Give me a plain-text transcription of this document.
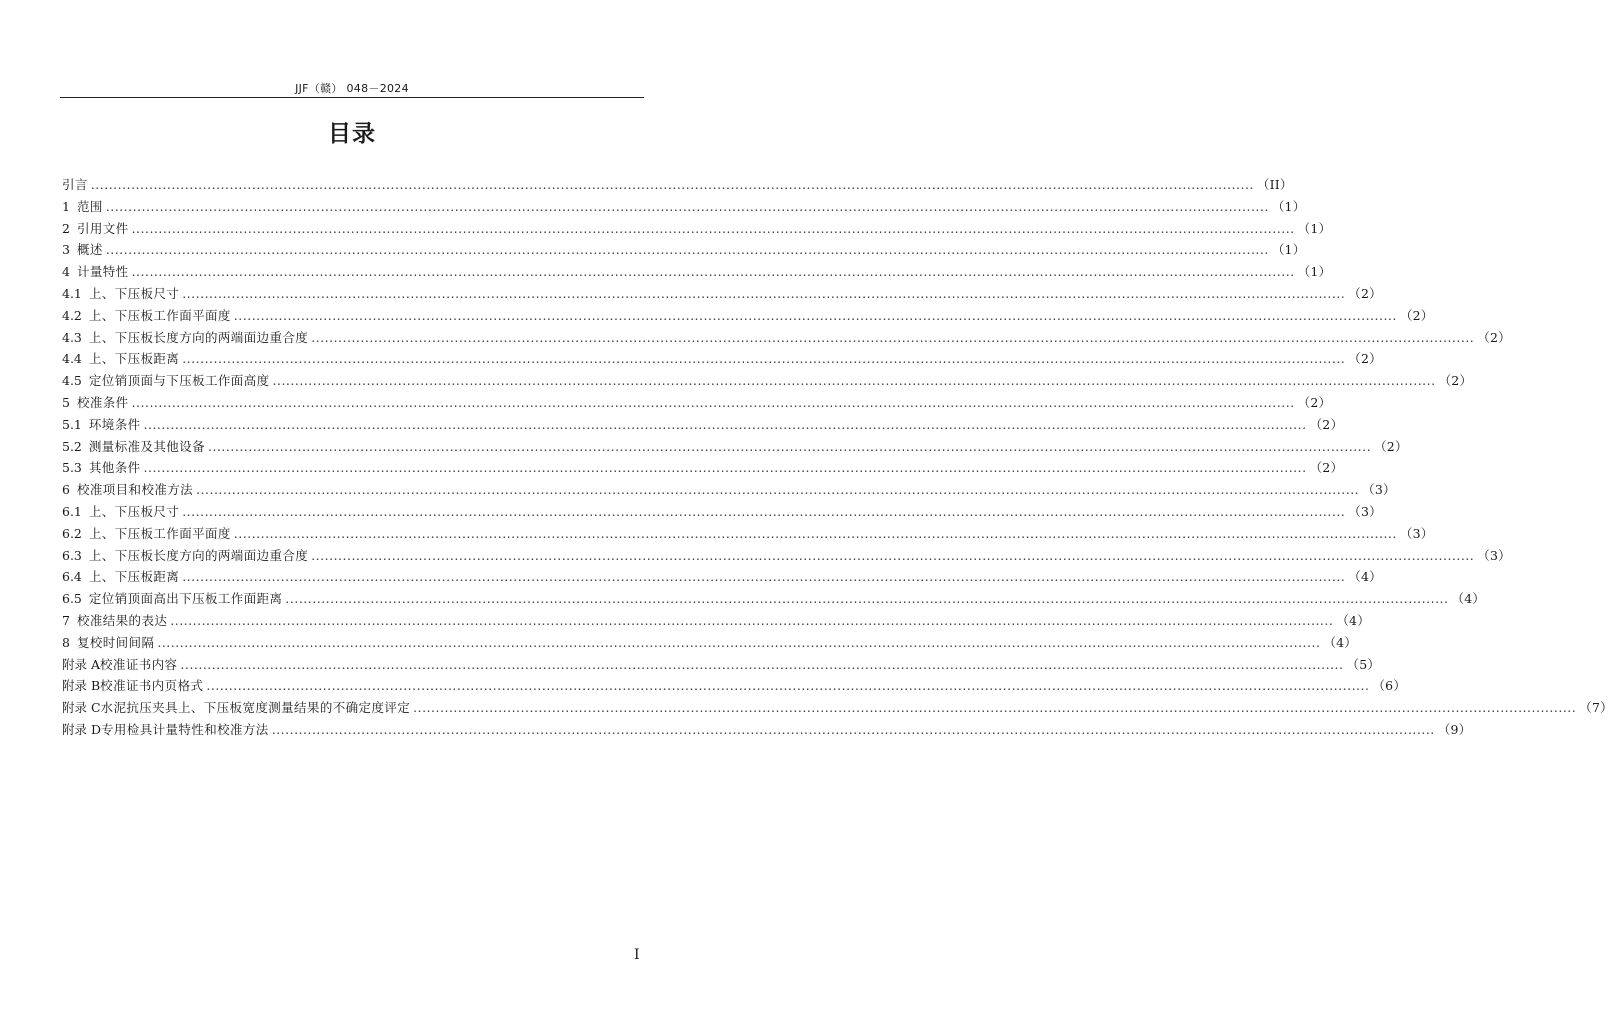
JJF（赣） 048－2024
目录
引言 .................................................................................................................................................................................................................................................................... （II）
1 范围 .................................................................................................................................................................................................................................................................... （1）
2 引用文件 .................................................................................................................................................................................................................................................................... （1）
3 概述 .................................................................................................................................................................................................................................................................... （1）
4 计量特性 .................................................................................................................................................................................................................................................................... （1）
4.1 上、下压板尺寸 .................................................................................................................................................................................................................................................................... （2）
4.2 上、下压板工作面平面度 .................................................................................................................................................................................................................................................................... （2）
4.3 上、下压板长度方向的两端面边重合度 .................................................................................................................................................................................................................................................................... （2）
4.4 上、下压板距离 .................................................................................................................................................................................................................................................................... （2）
4.5 定位销顶面与下压板工作面高度 .................................................................................................................................................................................................................................................................... （2）
5 校准条件 .................................................................................................................................................................................................................................................................... （2）
5.1 环境条件 .................................................................................................................................................................................................................................................................... （2）
5.2 测量标准及其他设备 .................................................................................................................................................................................................................................................................... （2）
5.3 其他条件 .................................................................................................................................................................................................................................................................... （2）
6 校准项目和校准方法 .................................................................................................................................................................................................................................................................... （3）
6.1 上、下压板尺寸 .................................................................................................................................................................................................................................................................... （3）
6.2 上、下压板工作面平面度 .................................................................................................................................................................................................................................................................... （3）
6.3 上、下压板长度方向的两端面边重合度 .................................................................................................................................................................................................................................................................... （3）
6.4 上、下压板距离 .................................................................................................................................................................................................................................................................... （4）
6.5 定位销顶面高出下压板工作面距离 .................................................................................................................................................................................................................................................................... （4）
7 校准结果的表达 .................................................................................................................................................................................................................................................................... （4）
8 复校时间间隔 .................................................................................................................................................................................................................................................................... （4）
附录 A 校准证书内容 .................................................................................................................................................................................................................................................................... （5）
附录 B 校准证书内页格式 .................................................................................................................................................................................................................................................................... （6）
附录 C 水泥抗压夹具上、下压板宽度测量结果的不确定度评定 .................................................................................................................................................................................................................................................................... （7）
附录 D 专用检具计量特性和校准方法 .................................................................................................................................................................................................................................................................... （9）
I
